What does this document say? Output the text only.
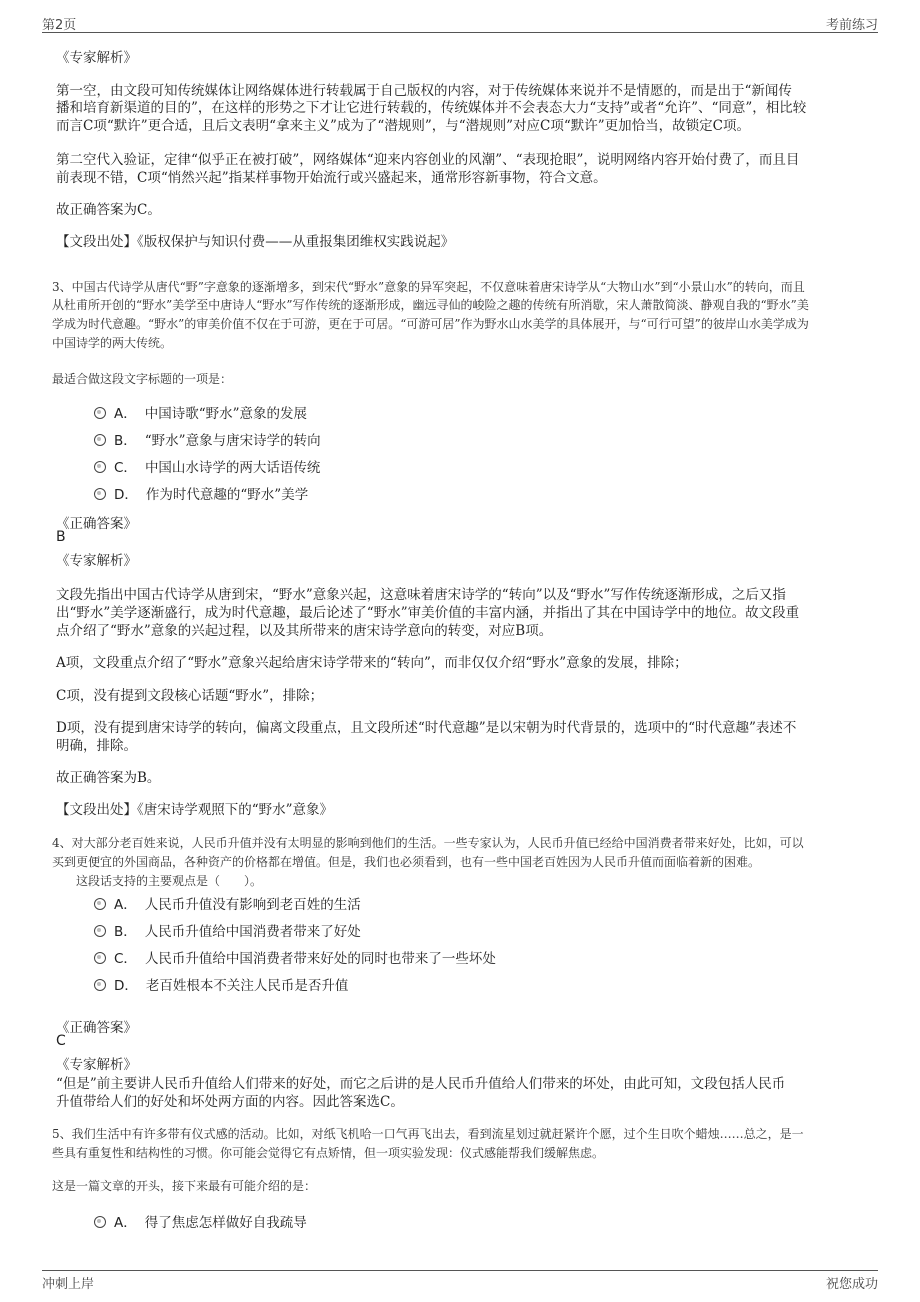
第2页	考前练习
《专家解析》
第一空，由文段可知传统媒体让网络媒体进行转载属于自己版权的内容，对于传统媒体来说并不是情愿的，而是出于“新闻传
播和培育新渠道的目的”，在这样的形势之下才让它进行转载的，传统媒体并不会表态大力“支持”或者“允许”、“同意”，相比较
而言C项“默许”更合适，且后文表明“拿来主义”成为了“潜规则”，与“潜规则”对应C项“默许”更加恰当，故锁定C项。
第二空代入验证，定律“似乎正在被打破”，网络媒体“迎来内容创业的风潮”、“表现抢眼”，说明网络内容开始付费了，而且目
前表现不错，C项“悄然兴起”指某样事物开始流行或兴盛起来，通常形容新事物，符合文意。
故正确答案为C。
【文段出处】《版权保护与知识付费——从重报集团维权实践说起》
3、中国古代诗学从唐代“野”字意象的逐渐增多，到宋代“野水”意象的异军突起，不仅意味着唐宋诗学从“大物山水”到“小景山水”的转向，而且
从杜甫所开创的“野水”美学至中唐诗人“野水”写作传统的逐渐形成，幽远寻仙的峻险之趣的传统有所消歇，宋人萧散简淡、静观自我的“野水”美
学成为时代意趣。“野水”的审美价值不仅在于可游，更在于可居。“可游可居”作为野水山水美学的具体展开，与“可行可望”的彼岸山水美学成为
中国诗学的两大传统。
最适合做这段文字标题的一项是：
A． 中国诗歌“野水”意象的发展
B． “野水”意象与唐宋诗学的转向
C． 中国山水诗学的两大话语传统
D． 作为时代意趣的“野水”美学
《正确答案》
B
《专家解析》
文段先指出中国古代诗学从唐到宋，“野水”意象兴起，这意味着唐宋诗学的“转向”以及“野水”写作传统逐渐形成，之后又指
出“野水”美学逐渐盛行，成为时代意趣，最后论述了“野水”审美价值的丰富内涵，并指出了其在中国诗学中的地位。故文段重
点介绍了“野水”意象的兴起过程，以及其所带来的唐宋诗学意向的转变，对应B项。
A项，文段重点介绍了“野水”意象兴起给唐宋诗学带来的“转向”，而非仅仅介绍“野水”意象的发展，排除；
C项，没有提到文段核心话题“野水”，排除；
D项，没有提到唐宋诗学的转向，偏离文段重点，且文段所述“时代意趣”是以宋朝为时代背景的，选项中的“时代意趣”表述不
明确，排除。
故正确答案为B。
【文段出处】《唐宋诗学观照下的“野水”意象》
4、对大部分老百姓来说，人民币升值并没有太明显的影响到他们的生活。一些专家认为，人民币升值已经给中国消费者带来好处，比如，可以
买到更便宜的外国商品，各种资产的价格都在增值。但是，我们也必须看到，也有一些中国老百姓因为人民币升值而面临着新的困难。
这段话支持的主要观点是（　　）。
A． 人民币升值没有影响到老百姓的生活
B． 人民币升值给中国消费者带来了好处
C． 人民币升值给中国消费者带来好处的同时也带来了一些坏处
D． 老百姓根本不关注人民币是否升值
《正确答案》
C
《专家解析》
“但是”前主要讲人民币升值给人们带来的好处，而它之后讲的是人民币升值给人们带来的坏处，由此可知，文段包括人民币
升值带给人们的好处和坏处两方面的内容。因此答案选C。
5、我们生活中有许多带有仪式感的活动。比如，对纸飞机哈一口气再飞出去，看到流星划过就赶紧许个愿，过个生日吹个蜡烛……总之，是一
些具有重复性和结构性的习惯。你可能会觉得它有点矫情，但一项实验发现：仪式感能帮我们缓解焦虑。
这是一篇文章的开头，接下来最有可能介绍的是：
A． 得了焦虑怎样做好自我疏导
冲刺上岸	祝您成功
